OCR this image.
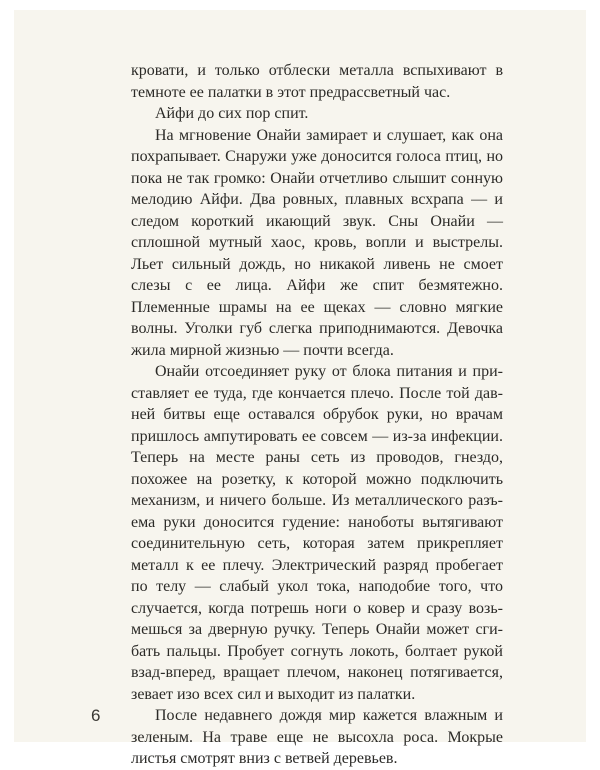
кровати, и только отблески металла вспыхивают в темноте ее палатки в этот предрассветный час.

Айфи до сих пор спит.

На мгновение Онайи замирает и слушает, как она похрапывает. Снаружи уже доносится голоса птиц, но пока не так громко: Онайи отчетливо слышит сонную мелодию Айфи. Два ровных, плавных всхрапа — и следом короткий икающий звук. Сны Онайи — сплошной мутный хаос, кровь, вопли и выстрелы. Льет сильный дождь, но никакой ливень не смоет слезы с ее лица. Айфи же спит безмятежно. Племенные шрамы на ее щеках — словно мягкие волны. Уголки губ слегка приподнимаются. Девочка жила мирной жизнью — почти всегда.

Онайи отсоединяет руку от блока питания и приставляет ее туда, где кончается плечо. После той давней битвы еще оставался обрубок руки, но врачам пришлось ампутировать ее совсем — из-за инфекции. Теперь на месте раны сеть из проводов, гнездо, похожее на розетку, к которой можно подключить механизм, и ничего больше. Из металлического разъема руки доносится гудение: наноботы вытягивают соединительную сеть, которая затем прикрепляет металл к ее плечу. Электрический разряд пробегает по телу — слабый укол тока, наподобие того, что случается, когда потрешь ноги о ковер и сразу возьмешься за дверную ручку. Теперь Онайи может сгибать пальцы. Пробует согнуть локоть, болтает рукой взад-вперед, вращает плечом, наконец потягивается, зевает изо всех сил и выходит из палатки.

После недавнего дождя мир кажется влажным и зеленым. На траве еще не высохла роса. Мокрые листья смотрят вниз с ветвей деревьев.

6
